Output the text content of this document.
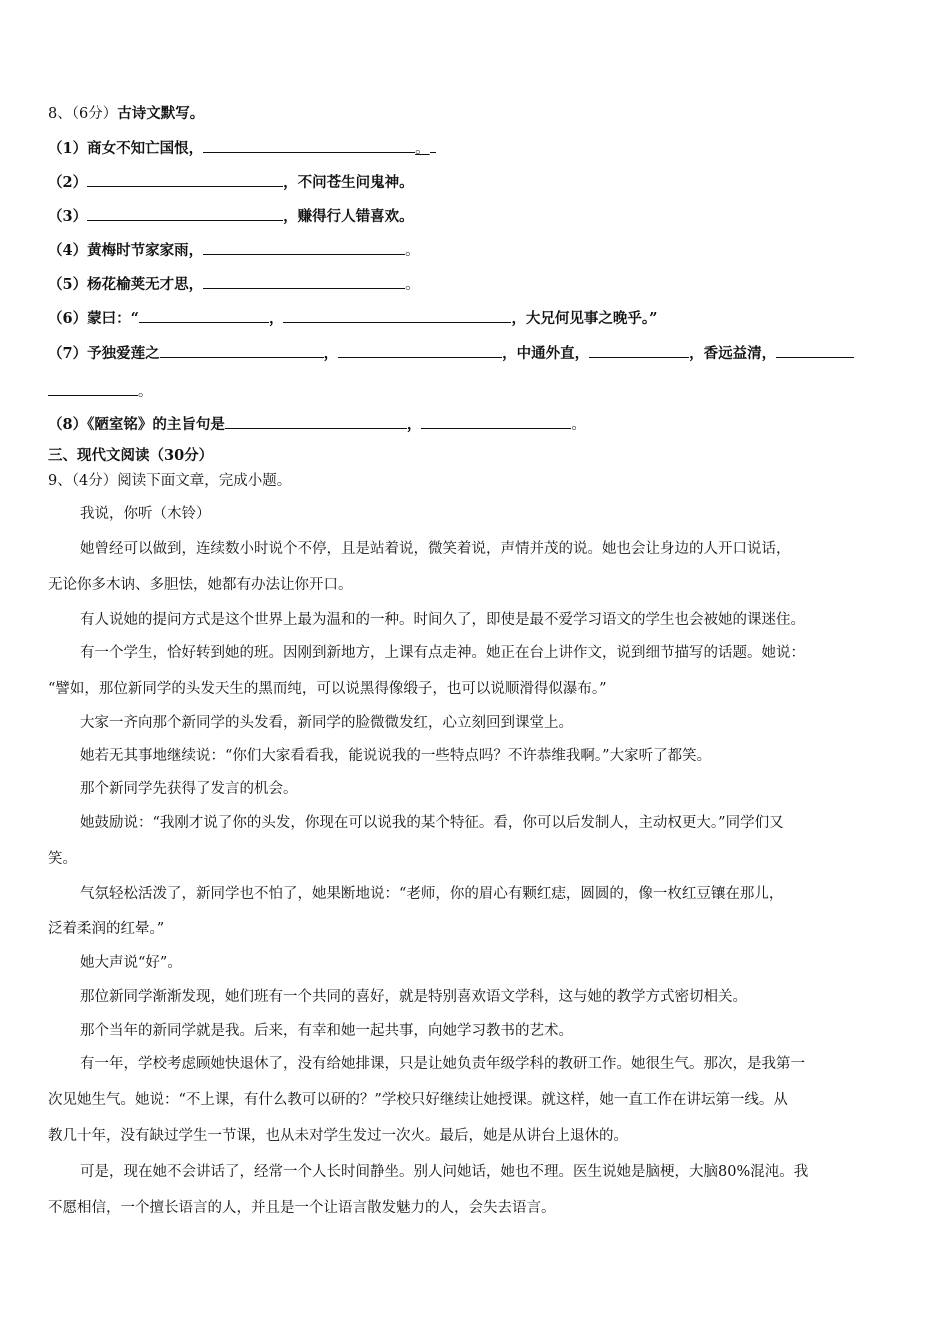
8、（6分）古诗文默写。
（1）商女不知亡国恨，	。
（2）	，不问苍生问鬼神。
（3）	，赚得行人错喜欢。
（4）黄梅时节家家雨，	。
（5）杨花榆荚无才思，	。
（6）蒙曰：“	，	，大兄何见事之晚乎。”
（7）予独爱莲之	，	，中通外直，	，香远益清，
。
（8）《陋室铭》的主旨句是	，	。
三、现代文阅读（30分）
9、（4分）阅读下面文章，完成小题。
我说，你听（木铃）
她曾经可以做到，连续数小时说个不停，且是站着说，微笑着说，声情并茂的说。她也会让身边的人开口说话，
无论你多木讷、多胆怯，她都有办法让你开口。
有人说她的提问方式是这个世界上最为温和的一种。时间久了，即使是最不爱学习语文的学生也会被她的课迷住。
有一个学生，恰好转到她的班。因刚到新地方，上课有点走神。她正在台上讲作文，说到细节描写的话题。她说：
“譬如，那位新同学的头发天生的黑而纯，可以说黑得像缎子，也可以说顺滑得似瀑布。”
大家一齐向那个新同学的头发看，新同学的脸微微发红，心立刻回到课堂上。
她若无其事地继续说：“你们大家看看我，能说说我的一些特点吗？不许恭维我啊。”大家听了都笑。
那个新同学先获得了发言的机会。
她鼓励说：“我刚才说了你的头发，你现在可以说我的某个特征。看，你可以后发制人，主动权更大。”同学们又
笑。
气氛轻松活泼了，新同学也不怕了，她果断地说：“老师，你的眉心有颗红痣，圆圆的，像一枚红豆镶在那儿，
泛着柔润的红晕。”
她大声说“好”。
那位新同学渐渐发现，她们班有一个共同的喜好，就是特别喜欢语文学科，这与她的教学方式密切相关。
那个当年的新同学就是我。后来，有幸和她一起共事，向她学习教书的艺术。
有一年，学校考虑顾她快退休了，没有给她排课，只是让她负责年级学科的教研工作。她很生气。那次，是我第一
次见她生气。她说：“不上课，有什么教可以研的？”学校只好继续让她授课。就这样，她一直工作在讲坛第一线。从
教几十年，没有缺过学生一节课，也从未对学生发过一次火。最后，她是从讲台上退休的。
可是，现在她不会讲话了，经常一个人长时间静坐。别人问她话，她也不理。医生说她是脑梗，大脑80%混沌。我
不愿相信，一个擅长语言的人，并且是一个让语言散发魅力的人，会失去语言。
